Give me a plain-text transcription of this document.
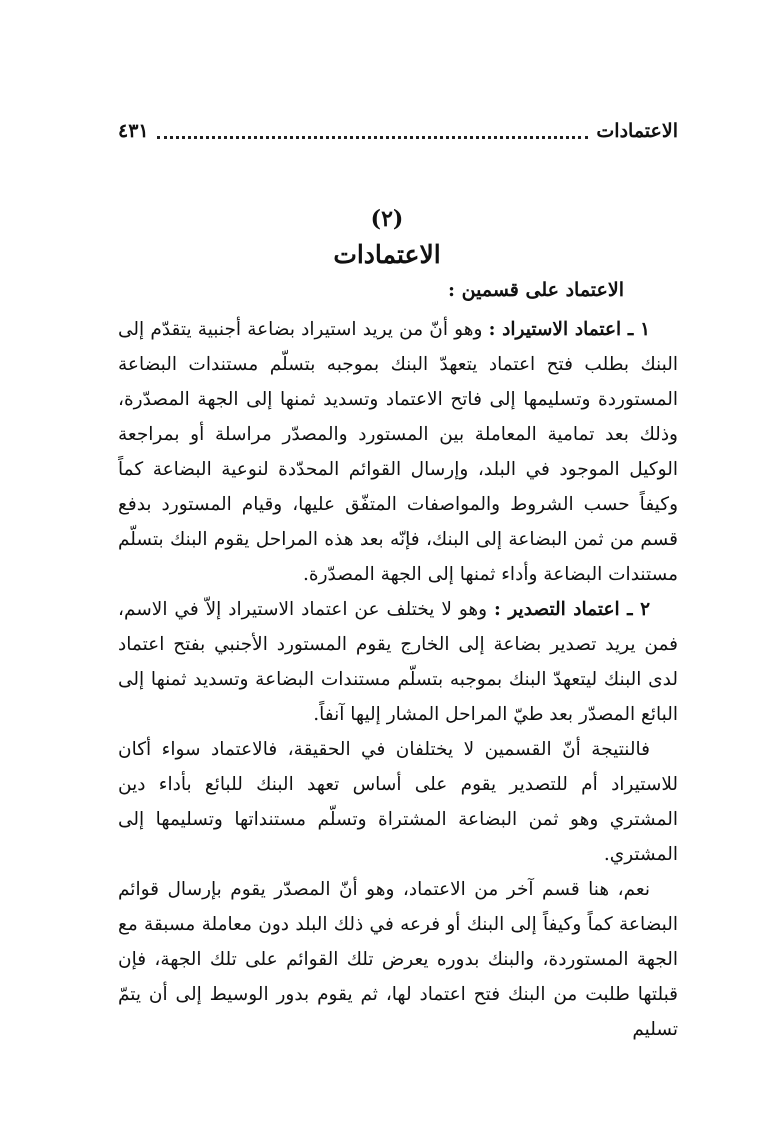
الاعتمادات
٤٣١
(٢)
الاعتمادات
الاعتماد على قسمين :

١ ـ اعتماد الاستيراد : وهو أنّ من يريد استيراد بضاعة أجنبية يتقدّم إلى البنك بطلب فتح اعتماد يتعهدّ البنك بموجبه بتسلّم مستندات البضاعة المستوردة وتسليمها إلى فاتح الاعتماد وتسديد ثمنها إلى الجهة المصدّرة، وذلك بعد تمامية المعاملة بين المستورد والمصدّر مراسلة أو بمراجعة الوكيل الموجود في البلد، وإرسال القوائم المحدّدة لنوعية البضاعة كماً وكيفاً حسب الشروط والمواصفات المتفّق عليها، وقيام المستورد بدفع قسم من ثمن البضاعة إلى البنك، فإنّه بعد هذه المراحل يقوم البنك بتسلّم مستندات البضاعة وأداء ثمنها إلى الجهة المصدّرة.

٢ ـ اعتماد التصدير : وهو لا يختلف عن اعتماد الاستيراد إلاّ في الاسم، فمن يريد تصدير بضاعة إلى الخارج يقوم المستورد الأجنبي بفتح اعتماد لدى البنك ليتعهدّ البنك بموجبه بتسلّم مستندات البضاعة وتسديد ثمنها إلى البائع المصدّر بعد طيّ المراحل المشار إليها آنفاً.

فالنتيجة أنّ القسمين لا يختلفان في الحقيقة، فالاعتماد سواء أكان للاستيراد أم للتصدير يقوم على أساس تعهد البنك للبائع بأداء دين المشتري وهو ثمن البضاعة المشتراة وتسلّم مستنداتها وتسليمها إلى المشتري.

نعم، هنا قسم آخر من الاعتماد، وهو أنّ المصدّر يقوم بإرسال قوائم البضاعة كماً وكيفاً إلى البنك أو فرعه في ذلك البلد دون معاملة مسبقة مع الجهة المستوردة، والبنك بدوره يعرض تلك القوائم على تلك الجهة، فإن قبلتها طلبت من البنك فتح اعتماد لها، ثم يقوم بدور الوسيط إلى أن يتمّ تسليم
